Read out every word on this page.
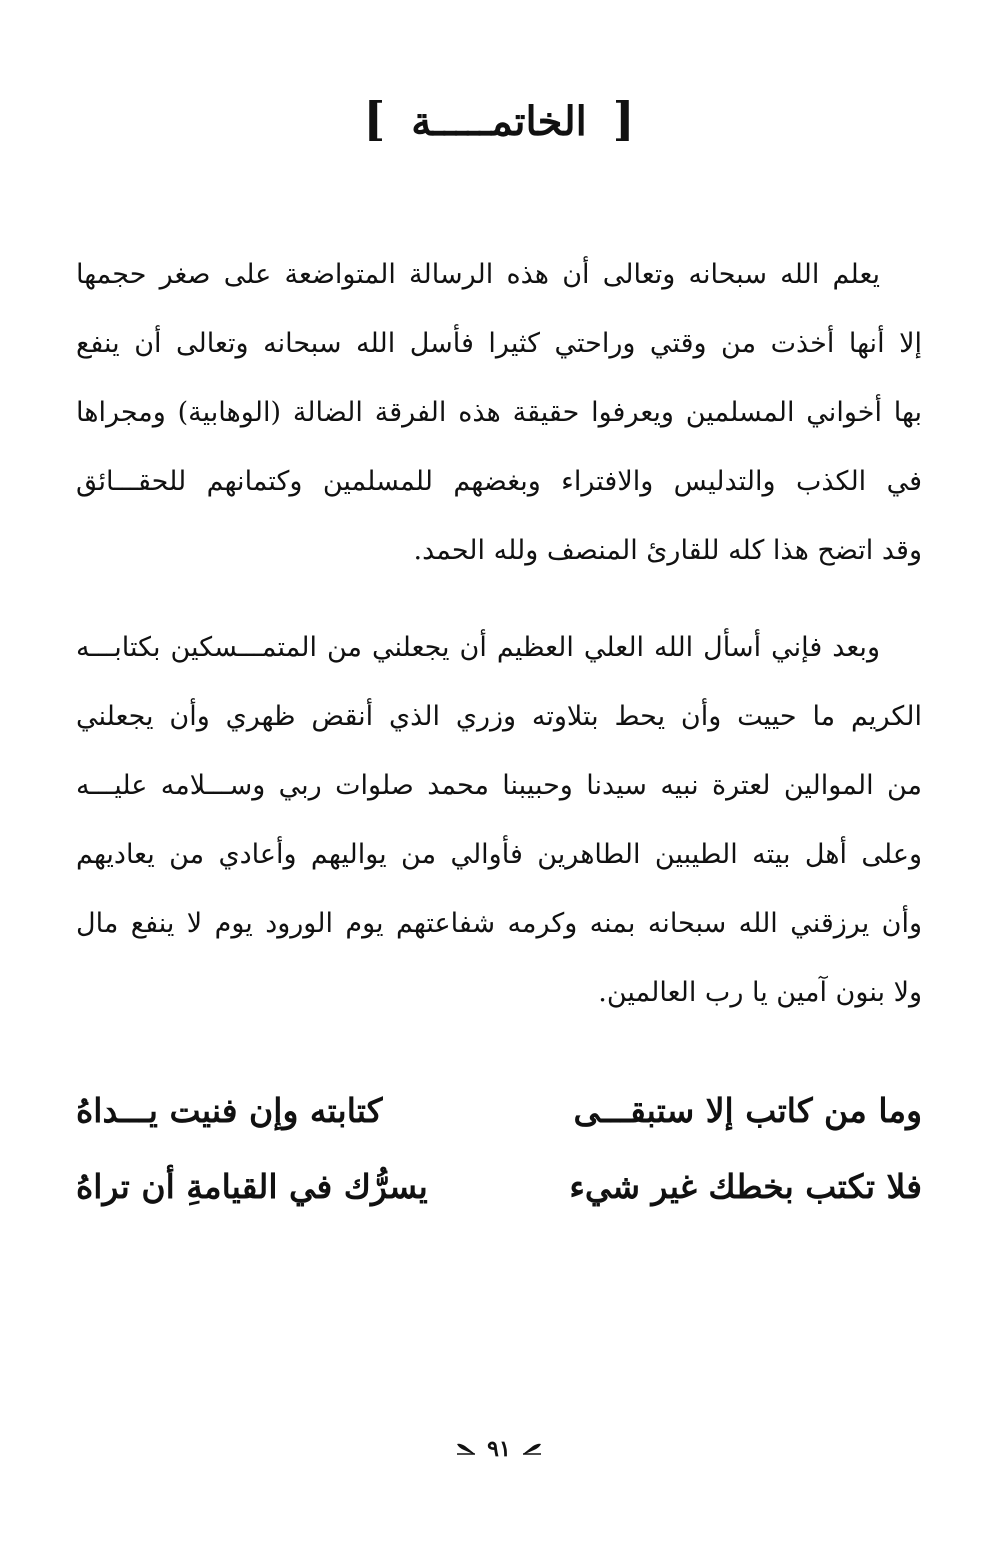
[ الخاتمـــــة ]
يعلم الله سبحانه وتعالى أن هذه الرسالة المتواضعة على صغر حجمها
إلا أنها أخذت من وقتي وراحتي كثيرا فأسل الله سبحانه وتعالى أن ينفع
بها أخواني المسلمين ويعرفوا حقيقة هذه الفرقة الضالة (الوهابية) ومجراها
في الكذب والتدليس والافتراء وبغضهم للمسلمين وكتمانهم للحقـــائق
وقد اتضح هذا كله للقارئ المنصف ولله الحمد.
وبعد فإني أسأل الله العلي العظيم أن يجعلني من المتمـــسكين بكتابـــه
الكريم ما حييت وأن يحط بتلاوته وزري الذي أنقض ظهري وأن يجعلني
من الموالين لعترة نبيه سيدنا وحبيبنا محمد صلوات ربي وســـلامه عليـــه
وعلى أهل بيته الطيبين الطاهرين فأوالي من يواليهم وأعادي من يعاديهم
وأن يرزقني الله سبحانه بمنه وكرمه شفاعتهم يوم الورود يوم لا ينفع مال
ولا بنون آمين يا رب العالمين.
وما من كاتب إلا ستبقـــى
كتابته وإن فنيت يـــداهُ
فلا تكتب بخطك غير شيء
يسرُّك في القيامةِ أن تراهُ
٩١
